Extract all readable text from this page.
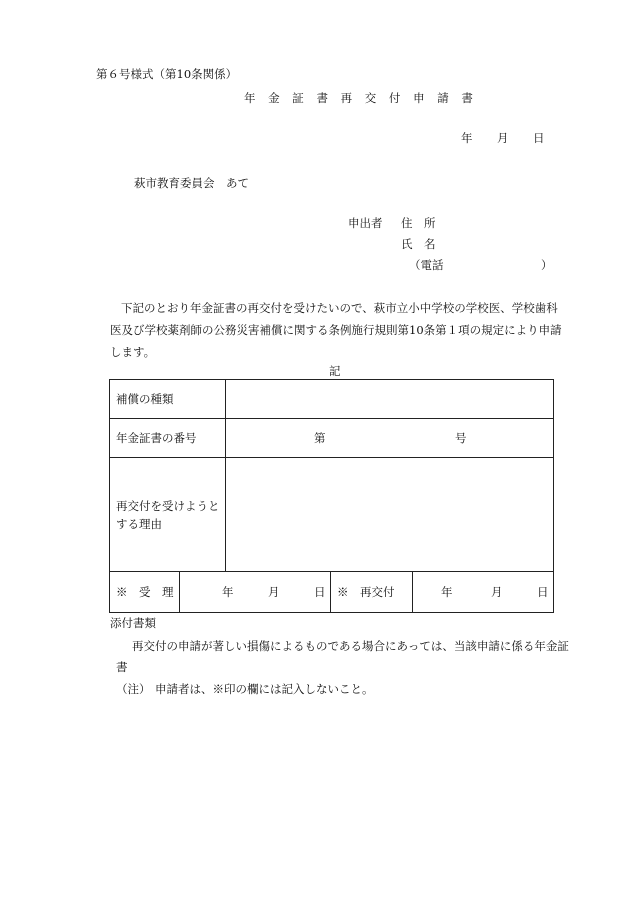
第６号様式（第10条関係）
年 金 証 書 再 交 付 申 請 書
年 月 日
萩市教育委員会　あて
申出者 住　所
氏　名
（電話	）

下記のとおり年金証書の再交付を受けたいので、萩市立小中学校の学校医、学校歯科

医及び学校薬剤師の公務災害補償に関する条例施行規則第10条第１項の規定により申請

します。

記
補償の種類				
年金証書の番号		第 号		

再交付を受けようとする理由				
※　受　理	年 月 日		※　再交付	年 月 日
添付書類
再交付の申請が著しい損傷によるものである場合にあっては、当該申請に係る年金証書
（注） 申請者は、※印の欄には記入しないこと。
